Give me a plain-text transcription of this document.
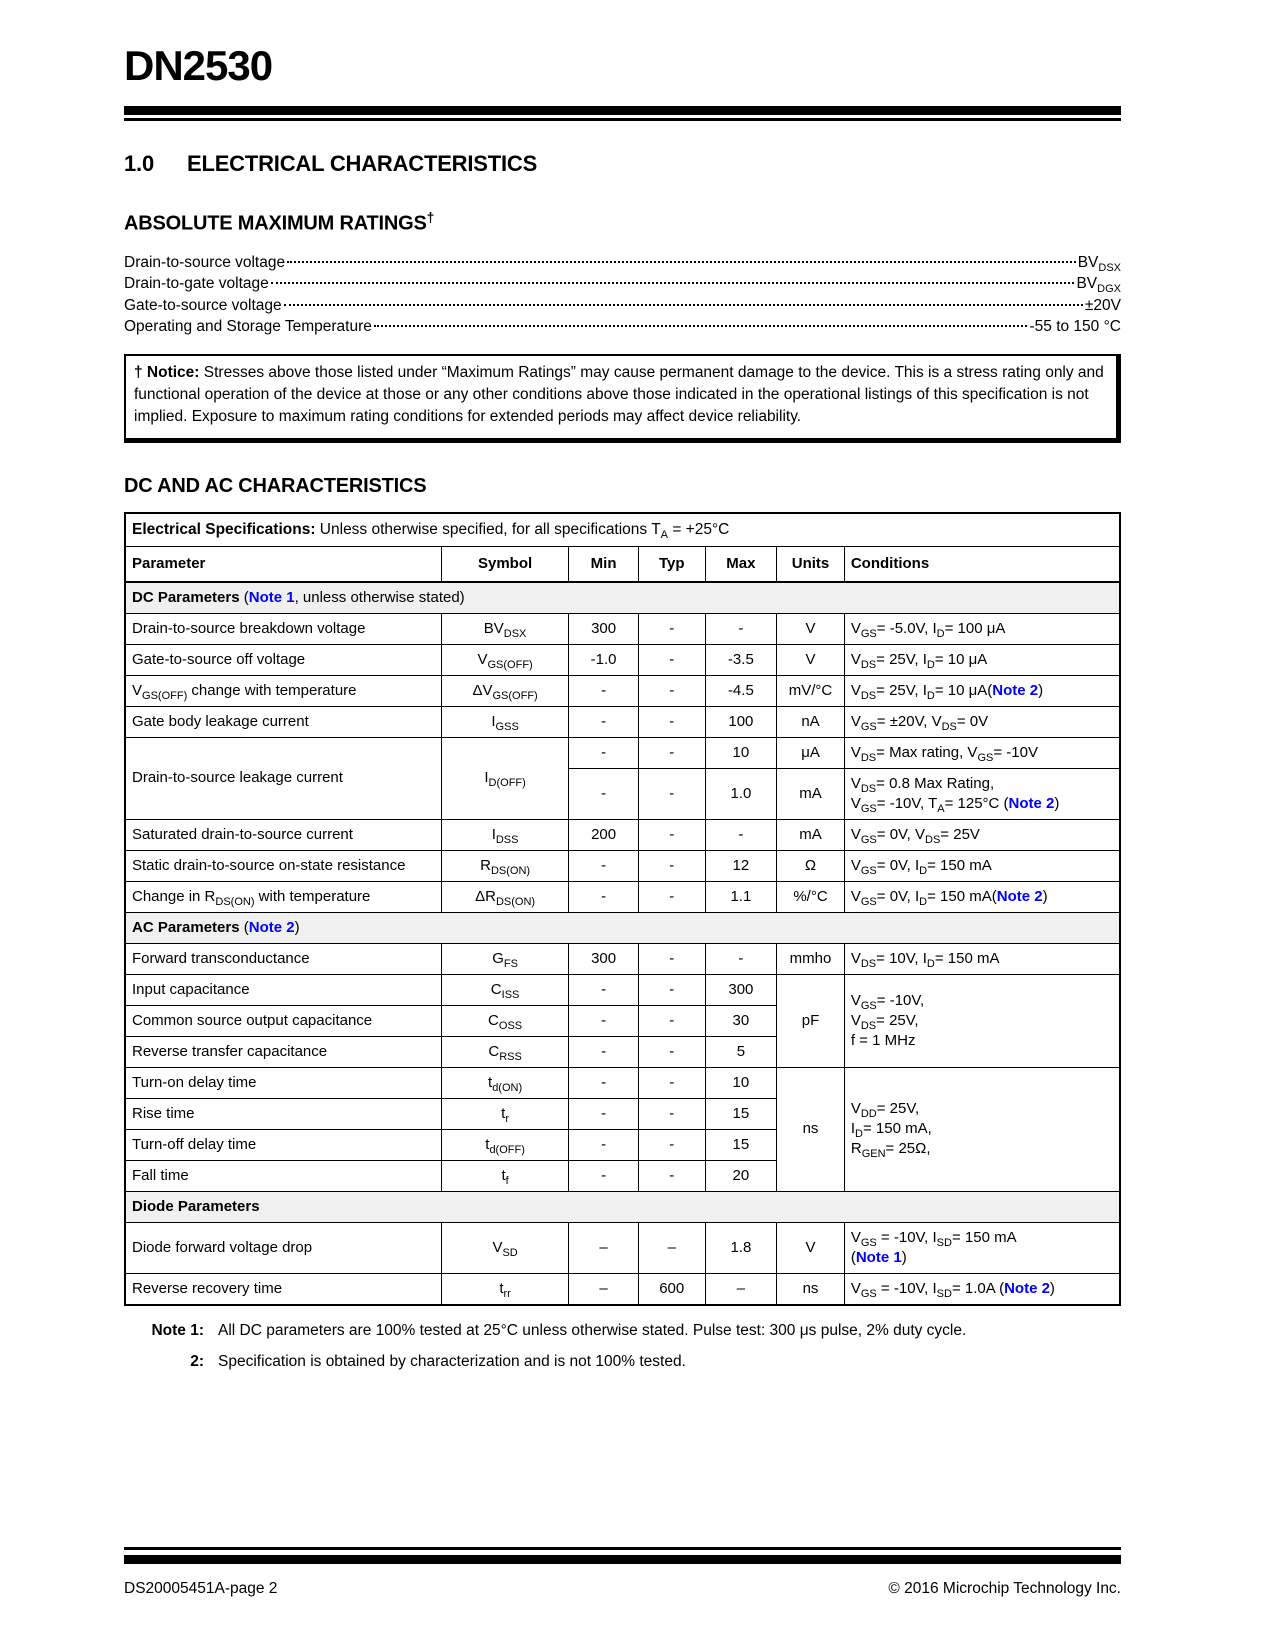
DN2530
1.0	ELECTRICAL CHARACTERISTICS
ABSOLUTE MAXIMUM RATINGS†
Drain-to-source voltage	$BV_{DSX}$
Drain-to-gate voltage	$BV_{DGX}$
Gate-to-source voltage	±20V
Operating and Storage Temperature	-55 to 150 °C
† Notice: Stresses above those listed under “Maximum Ratings” may cause permanent damage to the device. This is a stress rating only and functional operation of the device at those or any other conditions above those indicated in the operational listings of this specification is not implied. Exposure to maximum rating conditions for extended periods may affect device reliability.
DC AND AC CHARACTERISTICS
Electrical Specifications: Unless otherwise specified, for all specifications $T_A = +25^\circ C$						
Parameter	Symbol	Min	Typ	Max	Units	Conditions
DC Parameters (Note 1, unless otherwise stated)						
Drain-to-source breakdown voltage	$BV_{DSX}$	300	-	-	V	$V_{GS}= -5.0V$, $I_D= 100$ μA
Gate-to-source off voltage	$V_{GS(OFF)}$	-1.0	-	-3.5	V	$V_{DS}= 25V$, $I_D= 10$ μA
$V_{GS(OFF)}$ change with temperature	$\Delta V_{GS(OFF)}$	-	-	-4.5	mV/°C	$V_{DS}= 25V$, $I_D= 10$ μA(Note 2)
Gate body leakage current	$I_{GSS}$	-	-	100	nA	$V_{GS}= \pm 20V$, $V_{DS}= 0V$
Drain-to-source leakage current	$I_{D(OFF)}$	-	-	10	μA	$V_{DS}=$ Max rating, $V_{GS}= -10V$
		-	-	1.0	mA	$V_{DS}= 0.8$ Max Rating,
$V_{GS}= -10V$, $T_A= 125^\circ C$ (Note 2)
Saturated drain-to-source current	$I_{DSS}$	200	-	-	mA	$V_{GS}= 0V$, $V_{DS}= 25V$
Static drain-to-source on-state resistance	$R_{DS(ON)}$	-	-	12	Ω	$V_{GS}= 0V$, $I_D= 150$ mA
Change in $R_{DS(ON)}$ with temperature	$\Delta R_{DS(ON)}$	-	-	1.1	%/°C	$V_{GS}= 0V$, $I_D= 150$ mA(Note 2)
AC Parameters (Note 2)						
Forward transconductance	$G_{FS}$	300	-	-	mmho	$V_{DS}= 10V$, $I_D= 150$ mA
Input capacitance	$C_{ISS}$	-	-	300	pF	$V_{GS}= -10V$,
$V_{DS}= 25V$,
f = 1 MHz
Common source output capacitance	$C_{OSS}$	-	-	30		
Reverse transfer capacitance	$C_{RSS}$	-	-	5		
Turn-on delay time	$t_{d(ON)}$	-	-	10	ns	$V_{DD}= 25V$,
$I_D= 150$ mA,
$R_{GEN}= 25\Omega$,
Rise time	$t_r$	-	-	15		
Turn-off delay time	$t_{d(OFF)}$	-	-	15		
Fall time	$t_f$	-	-	20		
Diode Parameters						
Diode forward voltage drop	$V_{SD}$	–	–	1.8	V	$V_{GS} = -10V$, $I_{SD}= 150$ mA
(Note 1)
Reverse recovery time	$t_{rr}$	–	600	–	ns	$V_{GS} = -10V$, $I_{SD}= 1.0A$ (Note 2)
Note 1: All DC parameters are 100% tested at 25°C unless otherwise stated. Pulse test: 300 μs pulse, 2% duty cycle.
2: Specification is obtained by characterization and is not 100% tested.
DS20005451A-page 2	© 2016 Microchip Technology Inc.
